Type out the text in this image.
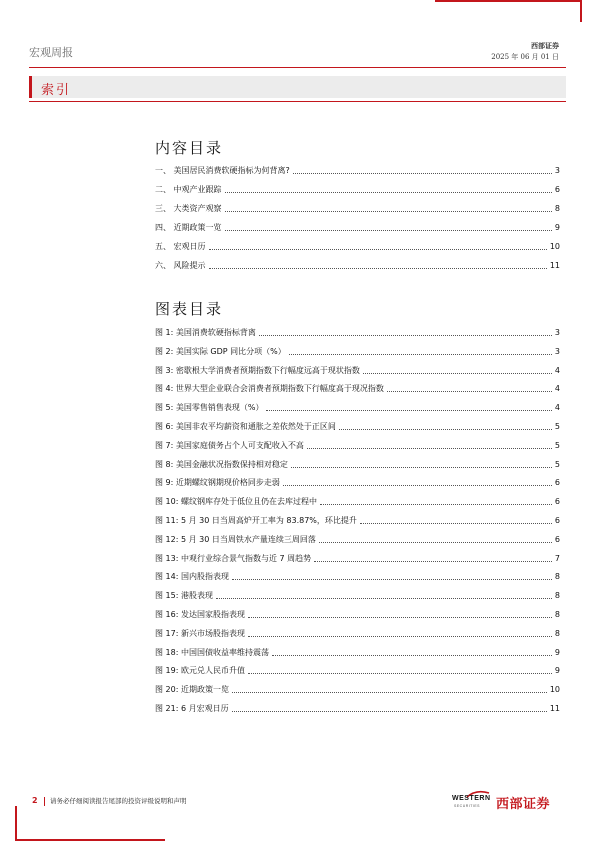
宏观周报
西部证券
2025 年 06 月 01 日
索引
内容目录
一、 美国居民消费软硬指标为何背离?	3
二、 中观产业跟踪	6
三、 大类资产观察	8
四、 近期政策一览	9
五、 宏观日历	10
六、 风险提示	11
图表目录
图 1: 美国消费软硬指标背离	3
图 2: 美国实际 GDP 同比分项（%）	3
图 3: 密歇根大学消费者预期指数下行幅度远高于现状指数	4
图 4: 世界大型企业联合会消费者预期指数下行幅度高于现况指数	4
图 5: 美国零售销售表现（%）	4
图 6: 美国非农平均薪资和通胀之差依然处于正区间	5
图 7: 美国家庭债务占个人可支配收入不高	5
图 8: 美国金融状况指数保持相对稳定	5
图 9: 近期螺纹钢期现价格同步走弱	6
图 10: 螺纹钢库存处于低位且仍在去库过程中	6
图 11: 5 月 30 日当周高炉开工率为 83.87%，环比提升	6
图 12: 5 月 30 日当周铁水产量连续三周回落	6
图 13: 中观行业综合景气指数与近 7 周趋势	7
图 14: 国内股指表现	8
图 15: 港股表现	8
图 16: 发达国家股指表现	8
图 17: 新兴市场股指表现	8
图 18: 中国国债收益率维持震荡	9
图 19: 欧元兑人民币升值	9
图 20: 近期政策一览	10
图 21: 6 月宏观日历	11
2 请务必仔细阅读报告尾部的投资评级说明和声明	WESTERN
SECURITIES 西部证券
